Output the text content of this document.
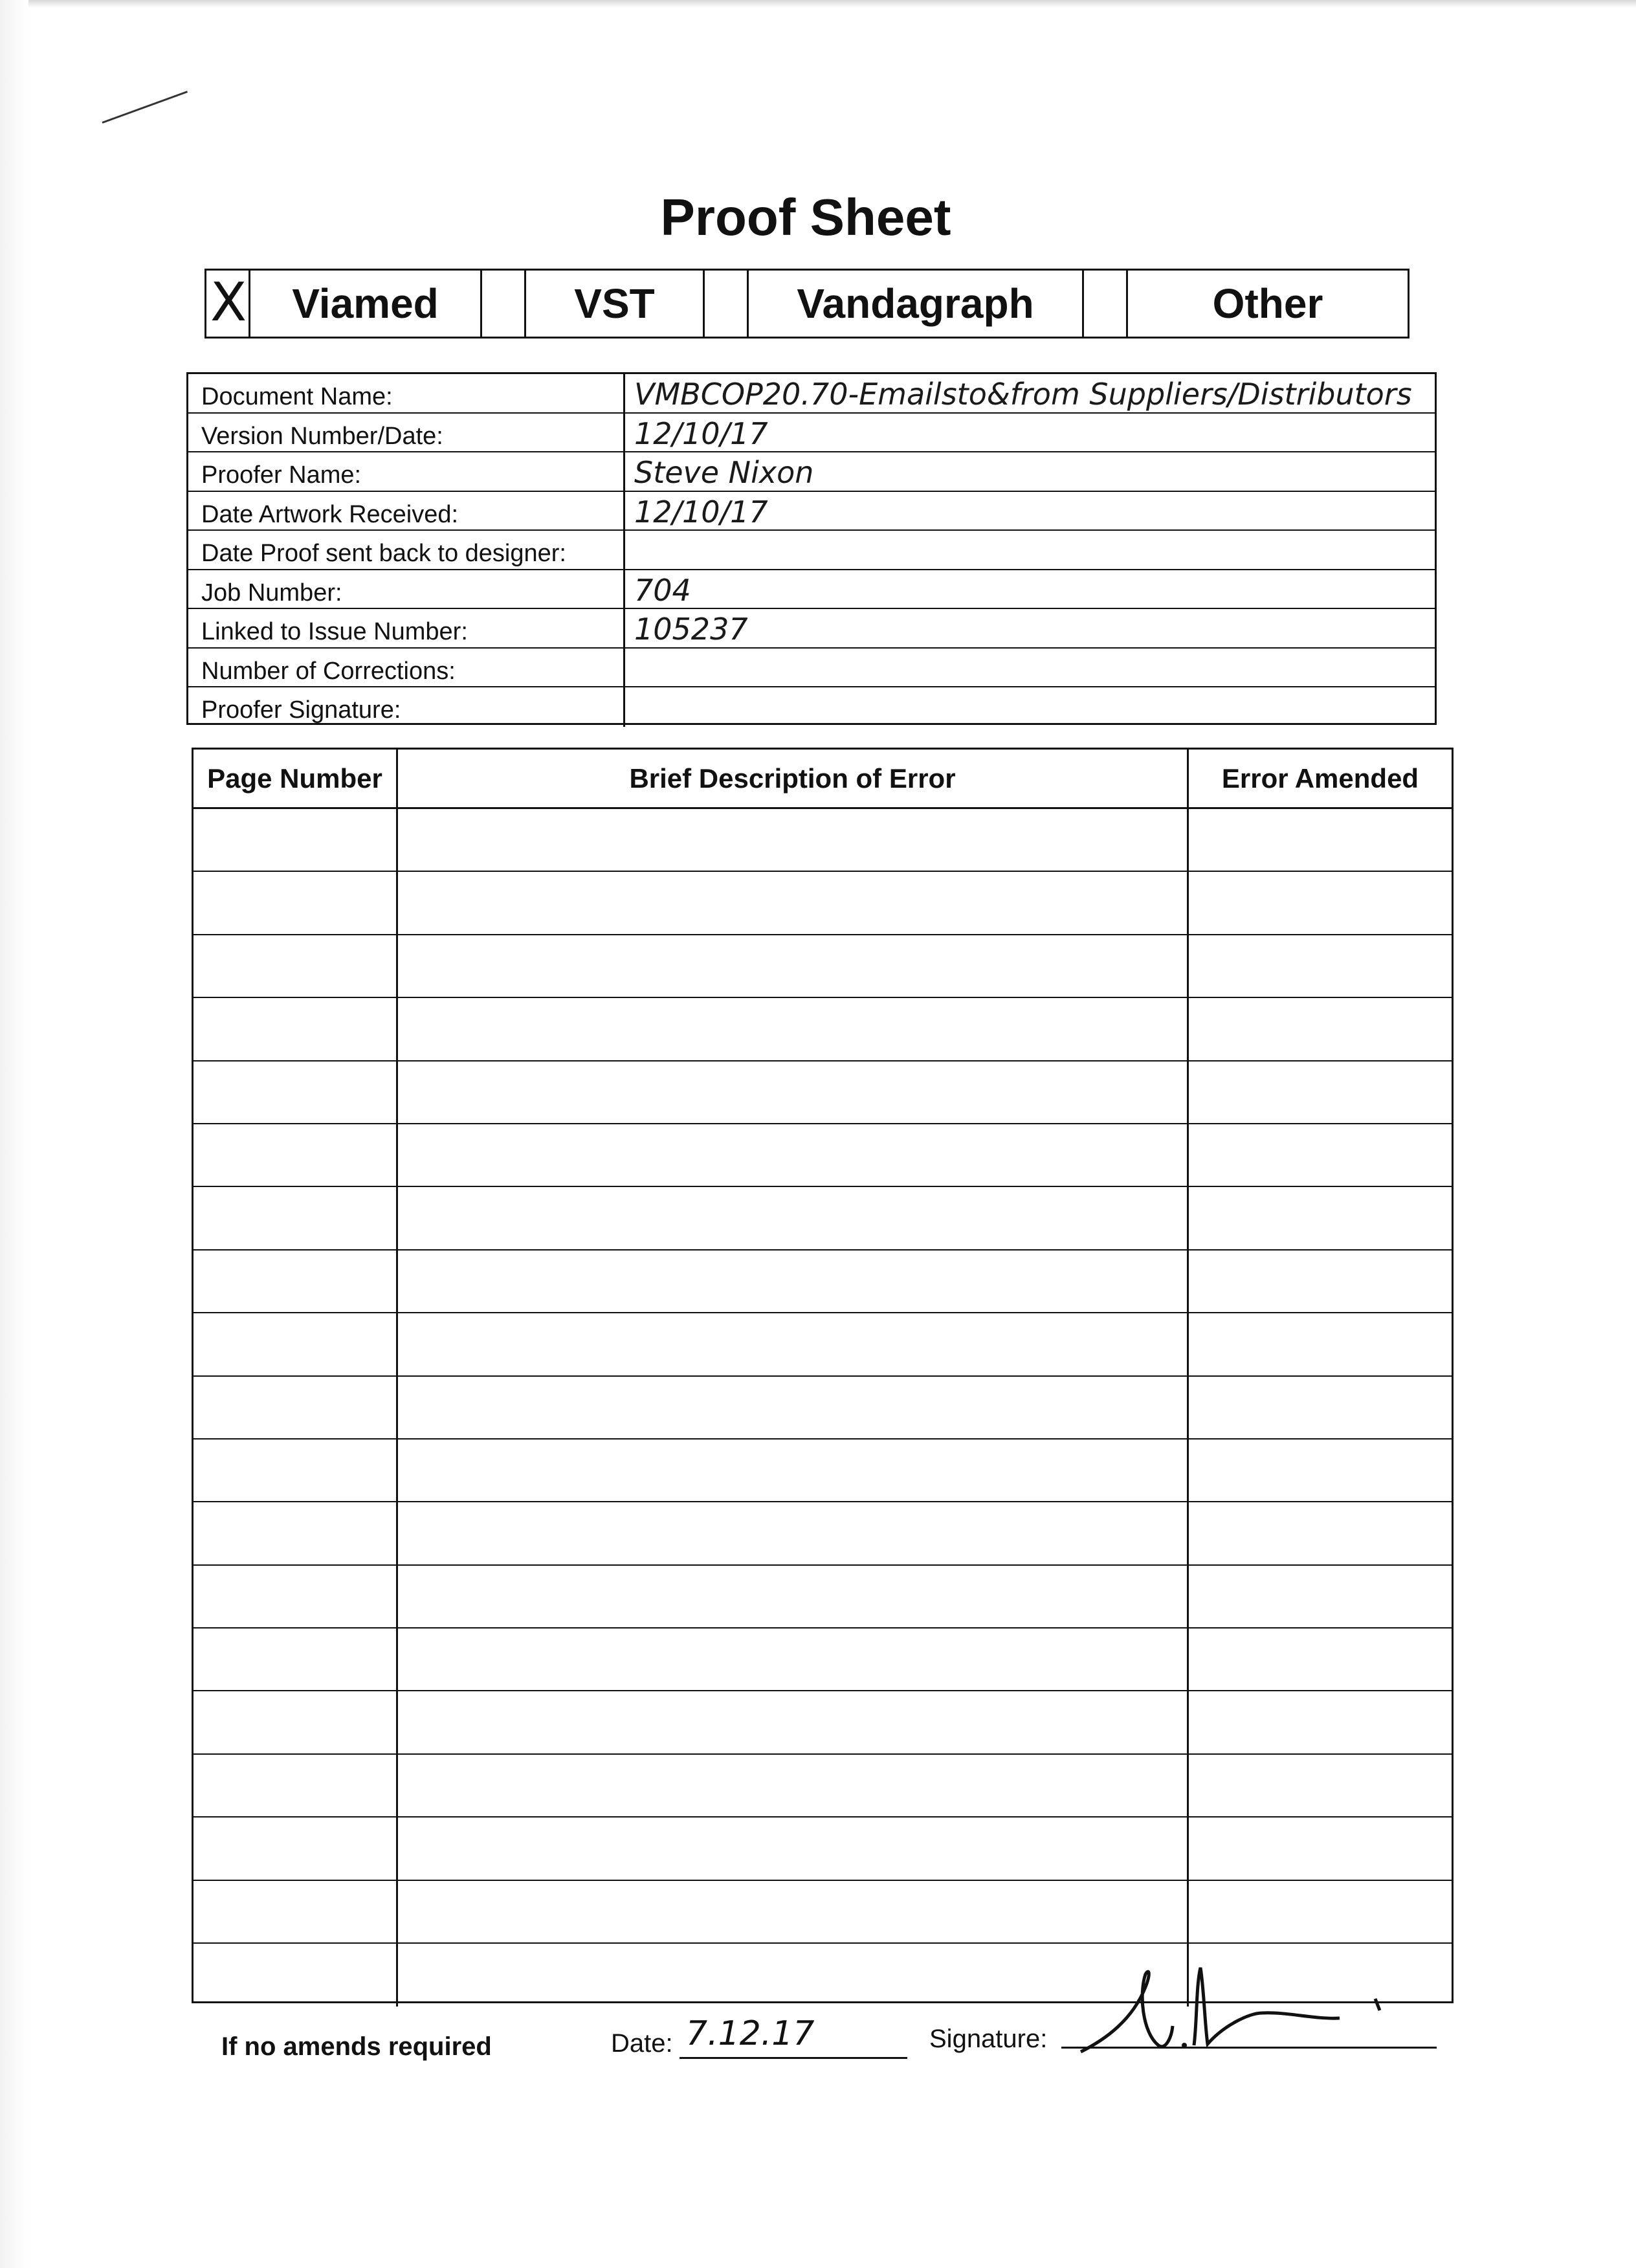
Proof Sheet
X	Viamed	VST	Vandagraph	Other
Document Name:	VMBCOP20.70-Emailsto&from Suppliers/Distributors
Version Number/Date:	12/10/17
Proofer Name:	Steve Nixon
Date Artwork Received:	12/10/17
Date Proof sent back to designer:
Job Number:	704
Linked to Issue Number:	105237
Number of Corrections:
Proofer Signature:
Page Number	Brief Description of Error	Error Amended
If no amends required	Date: 7.12.17	Signature:
